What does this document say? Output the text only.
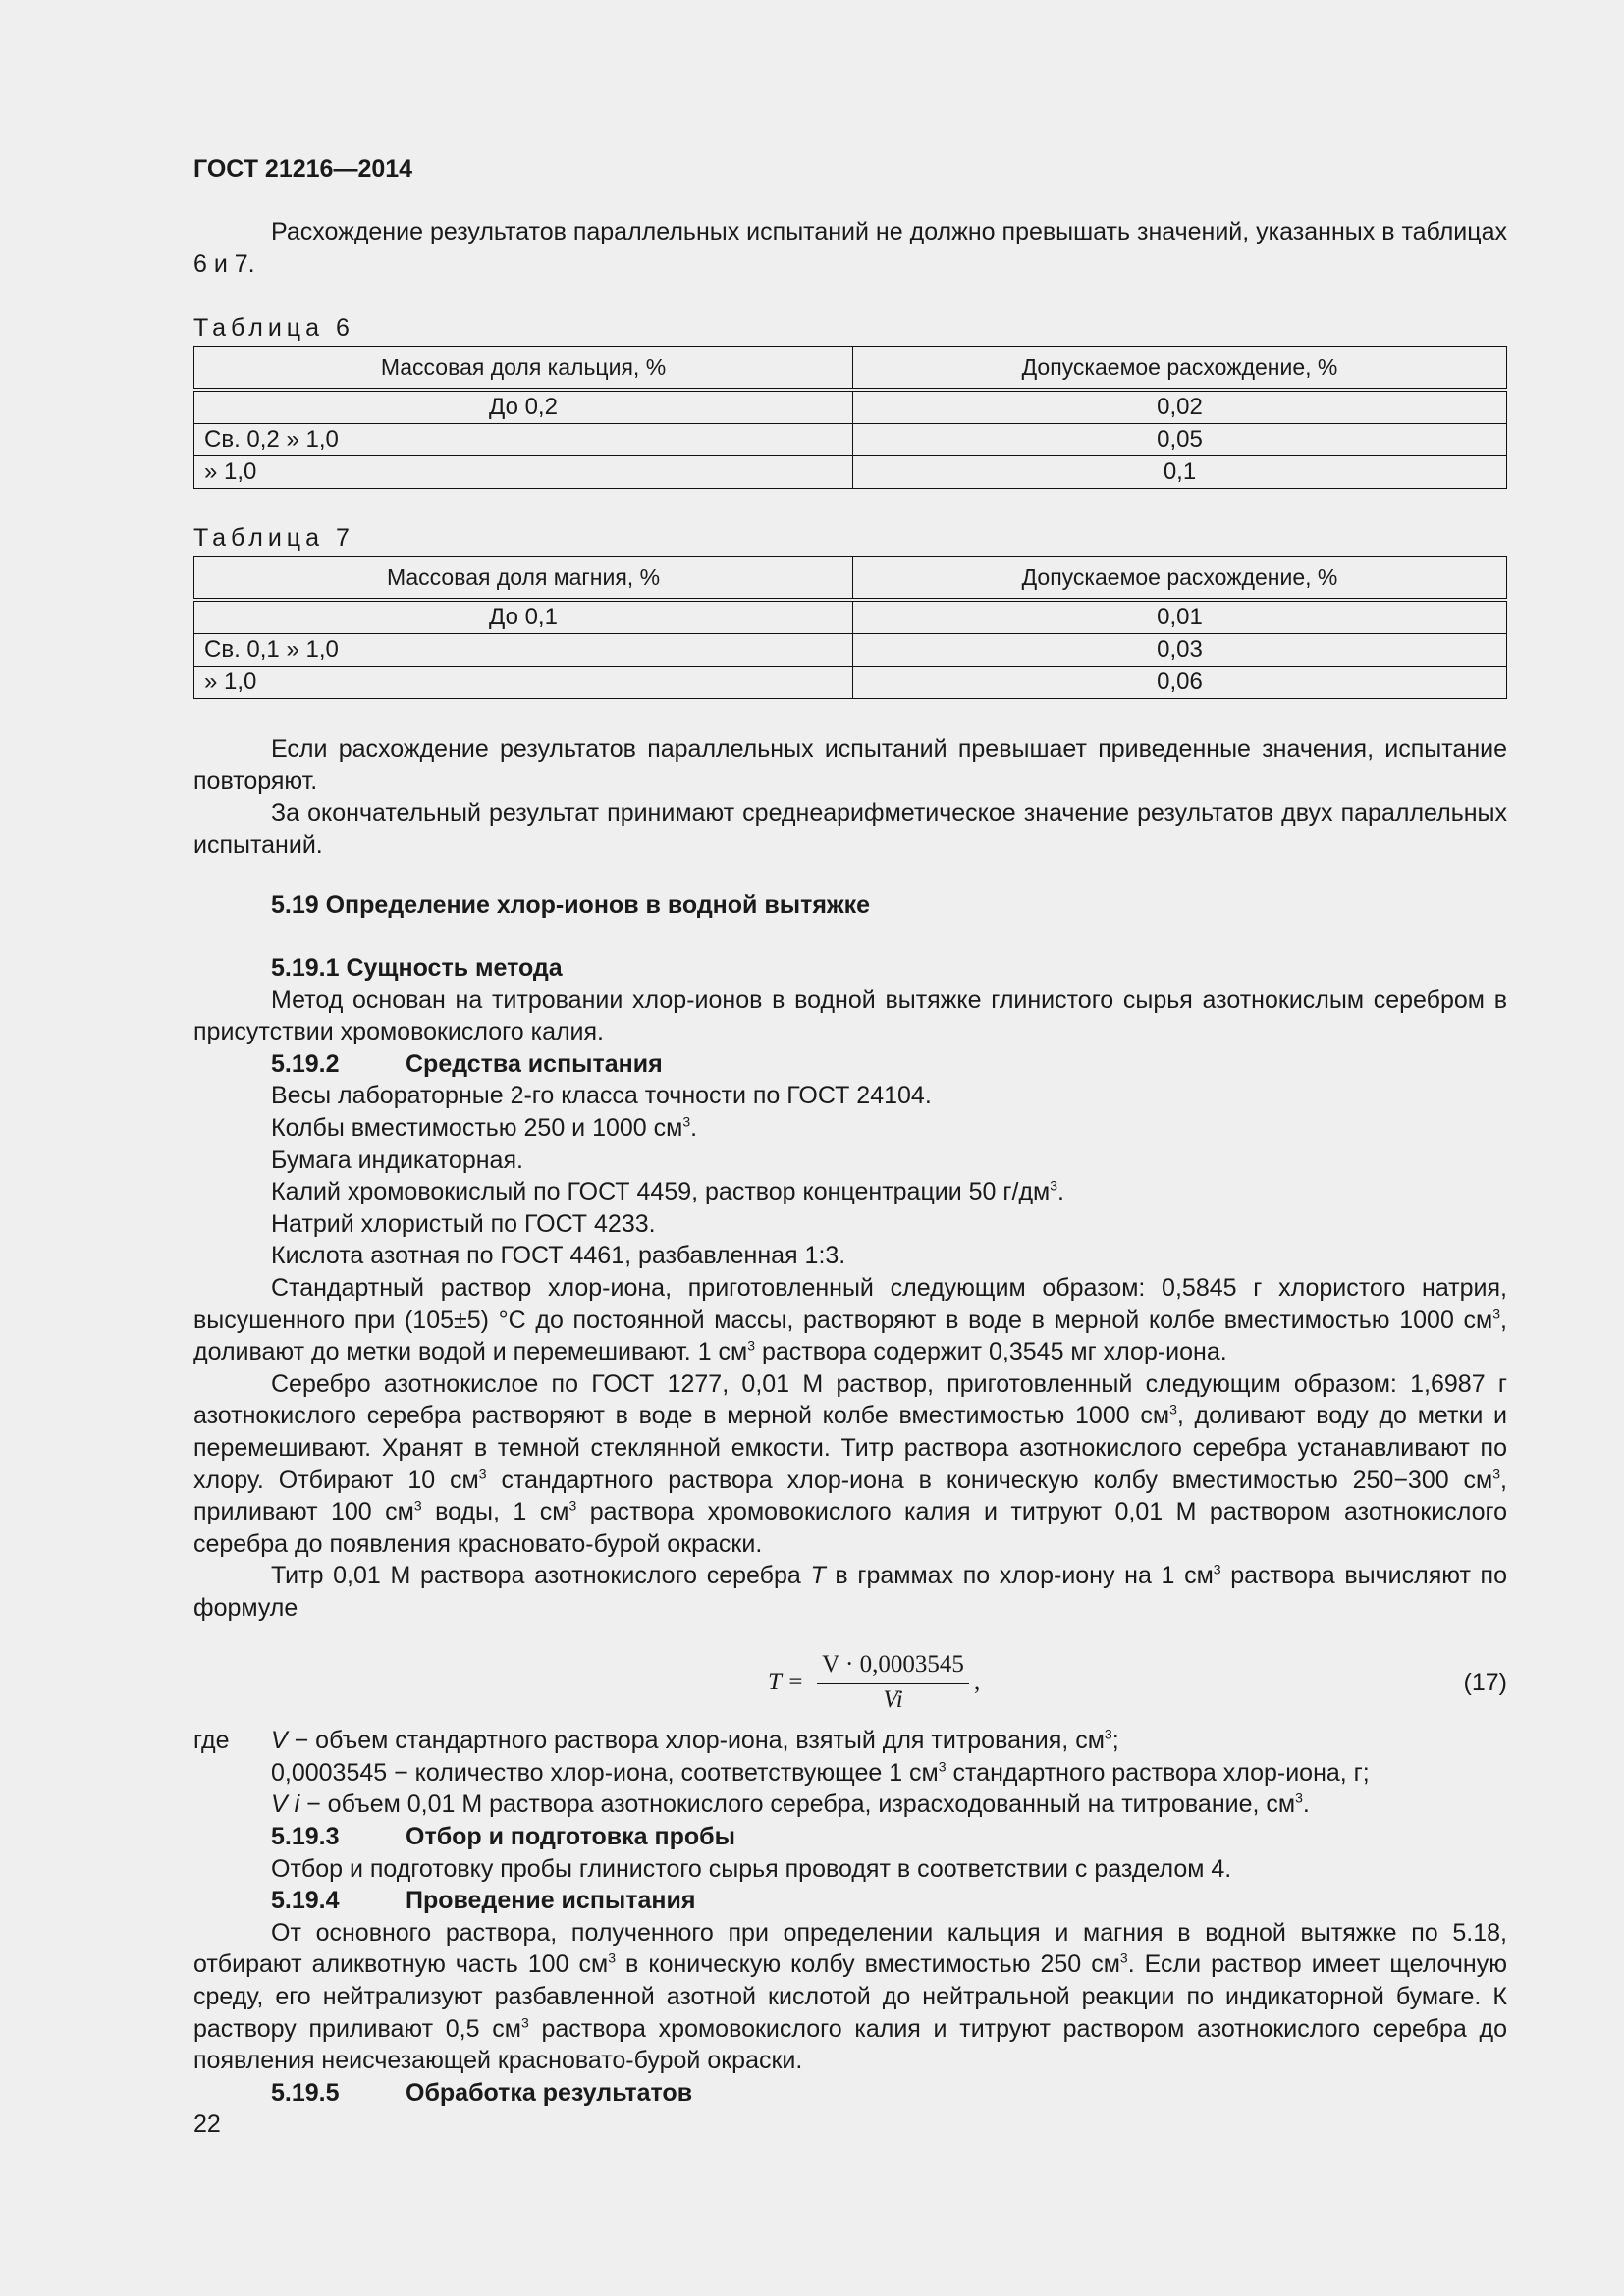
ГОСТ 21216—2014

Расхождение результатов параллельных испытаний не должно превышать значений, указанных в таблицах 6 и 7.

Таблица 6
Массовая доля кальция, %	Допускаемое расхождение, %
До 0,2	0,02
Св. 0,2 » 1,0	0,05
» 1,0	0,1
Таблица 7
Массовая доля магния, %	Допускаемое расхождение, %
До 0,1	0,01
Св. 0,1 » 1,0	0,03
» 1,0	0,06

Если расхождение результатов параллельных испытаний превышает приведенные значения, испытание повторяют.

За окончательный результат принимают среднеарифметическое значение результатов двух параллельных испытаний.

5.19 Определение хлор-ионов в водной вытяжке

5.19.1 Сущность метода

Метод основан на титровании хлор-ионов в водной вытяжке глинистого сырья азотнокислым серебром в присутствии хромовокислого калия.

5.19.2	Средства испытания

Весы лабораторные 2-го класса точности по ГОСТ 24104.

Колбы вместимостью 250 и 1000 $см^3$.

Бумага индикаторная.

Калий хромовокислый по ГОСТ 4459, раствор концентрации 50 $г/дм^3$.

Натрий хлористый по ГОСТ 4233.

Кислота азотная по ГОСТ 4461, разбавленная 1:3.

Стандартный раствор хлор-иона, приготовленный следующим образом: 0,5845 г хлористого натрия, высушенного при (105±5) °С до постоянной массы, растворяют в воде в мерной колбе вместимостью 1000 $см^3$, доливают до метки водой и перемешивают. 1 $см^3$ раствора содержит 0,3545 мг хлор-иона.

Серебро азотнокислое по ГОСТ 1277, 0,01 М раствор, приготовленный следующим образом: 1,6987 г азотнокислого серебра растворяют в воде в мерной колбе вместимостью 1000 $см^3$, доливают воду до метки и перемешивают. Хранят в темной стеклянной емкости. Титр раствора азотнокислого серебра устанавливают по хлору. Отбирают 10 $см^3$ стандартного раствора хлор-иона в коническую колбу вместимостью 250−300 $см^3$, приливают 100 $см^3$ воды, 1 $см^3$ раствора хромовокислого калия и титруют 0,01 М раствором азотнокислого серебра до появления красновато-бурой окраски.

Титр 0,01 М раствора азотнокислого серебра T в граммах по хлор-иону на 1 $см^3$ раствора вычисляют по формуле

$T = \frac{V \cdot 0,0003545}{Vi}$ ,	(17)
где V − объем стандартного раствора хлор-иона, взятый для титрования, $см^3$;
0,0003545 − количество хлор-иона, соответствующее 1 $см^3$ стандартного раствора хлор-иона, г;
V i − объем 0,01 М раствора азотнокислого серебра, израсходованный на титрование, $см^3$.

5.19.3	Отбор и подготовка пробы

Отбор и подготовку пробы глинистого сырья проводят в соответствии с разделом 4.

5.19.4	Проведение испытания

От основного раствора, полученного при определении кальция и магния в водной вытяжке по 5.18, отбирают аликвотную часть 100 $см^3$ в коническую колбу вместимостью 250 $см^3$. Если раствор имеет щелочную среду, его нейтрализуют разбавленной азотной кислотой до нейтральной реакции по индикаторной бумаге. К раствору приливают 0,5 $см^3$ раствора хромовокислого калия и титруют раствором азотнокислого серебра до появления неисчезающей красновато-бурой окраски.

5.19.5	Обработка результатов

22
